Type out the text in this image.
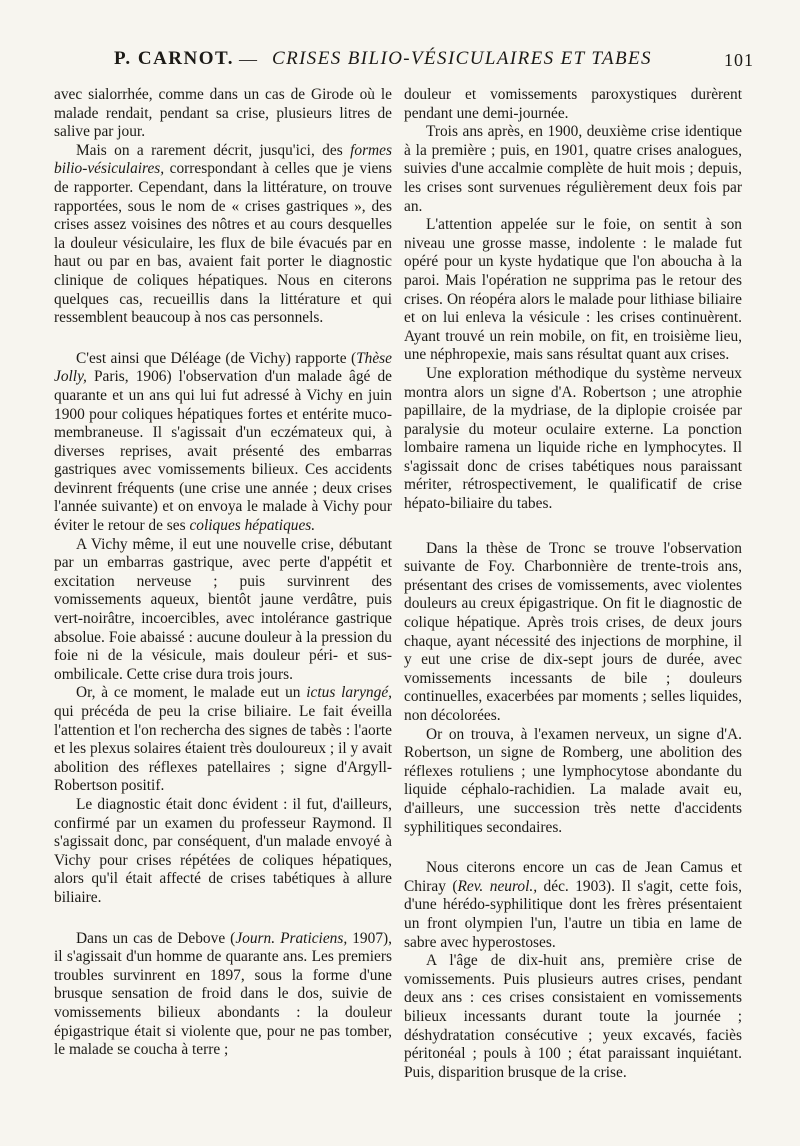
P. CARNOT. — CRISES BILIO-VÉSICULAIRES ET TABES	101

avec sialorrhée, comme dans un cas de Girode où le malade rendait, pendant sa crise, plusieurs litres de salive par jour.

Mais on a rarement décrit, jusqu'ici, des formes bilio-vésiculaires, correspondant à celles que je viens de rapporter. Cependant, dans la littérature, on trouve rapportées, sous le nom de « crises gastriques », des crises assez voisines des nôtres et au cours desquelles la douleur vésiculaire, les flux de bile évacués par en haut ou par en bas, avaient fait porter le diagnostic clinique de coliques hépatiques. Nous en citerons quelques cas, recueillis dans la littérature et qui ressemblent beaucoup à nos cas personnels.

C'est ainsi que Déléage (de Vichy) rapporte (Thèse Jolly, Paris, 1906) l'observation d'un malade âgé de quarante et un ans qui lui fut adressé à Vichy en juin 1900 pour coliques hépatiques fortes et entérite muco-membraneuse. Il s'agissait d'un eczémateux qui, à diverses reprises, avait présenté des embarras gastriques avec vomissements bilieux. Ces accidents devinrent fréquents (une crise une année ; deux crises l'année suivante) et on envoya le malade à Vichy pour éviter le retour de ses coliques hépatiques.

A Vichy même, il eut une nouvelle crise, débutant par un embarras gastrique, avec perte d'appétit et excitation nerveuse ; puis survinrent des vomissements aqueux, bientôt jaune verdâtre, puis vert-noirâtre, incoercibles, avec intolérance gastrique absolue. Foie abaissé : aucune douleur à la pression du foie ni de la vésicule, mais douleur péri- et sus-ombilicale. Cette crise dura trois jours.

Or, à ce moment, le malade eut un ictus laryngé, qui précéda de peu la crise biliaire. Le fait éveilla l'attention et l'on rechercha des signes de tabès : l'aorte et les plexus solaires étaient très douloureux ; il y avait abolition des réflexes patellaires ; signe d'Argyll-Robertson positif.

Le diagnostic était donc évident : il fut, d'ailleurs, confirmé par un examen du professeur Raymond. Il s'agissait donc, par conséquent, d'un malade envoyé à Vichy pour crises répétées de coliques hépatiques, alors qu'il était affecté de crises tabétiques à allure biliaire.

Dans un cas de Debove (Journ. Praticiens, 1907), il s'agissait d'un homme de quarante ans. Les premiers troubles survinrent en 1897, sous la forme d'une brusque sensation de froid dans le dos, suivie de vomissements bilieux abondants : la douleur épigastrique était si violente que, pour ne pas tomber, le malade se coucha à terre ;

douleur et vomissements paroxystiques durèrent pendant une demi-journée.

Trois ans après, en 1900, deuxième crise identique à la première ; puis, en 1901, quatre crises analogues, suivies d'une accalmie complète de huit mois ; depuis, les crises sont survenues régulièrement deux fois par an.

L'attention appelée sur le foie, on sentit à son niveau une grosse masse, indolente : le malade fut opéré pour un kyste hydatique que l'on aboucha à la paroi. Mais l'opération ne supprima pas le retour des crises. On réopéra alors le malade pour lithiase biliaire et on lui enleva la vésicule : les crises continuèrent. Ayant trouvé un rein mobile, on fit, en troisième lieu, une néphropexie, mais sans résultat quant aux crises.

Une exploration méthodique du système nerveux montra alors un signe d'A. Robertson ; une atrophie papillaire, de la mydriase, de la diplopie croisée par paralysie du moteur oculaire externe. La ponction lombaire ramena un liquide riche en lymphocytes. Il s'agissait donc de crises tabétiques nous paraissant mériter, rétrospectivement, le qualificatif de crise hépato-biliaire du tabes.

Dans la thèse de Tronc se trouve l'observation suivante de Foy. Charbonnière de trente-trois ans, présentant des crises de vomissements, avec violentes douleurs au creux épigastrique. On fit le diagnostic de colique hépatique. Après trois crises, de deux jours chaque, ayant nécessité des injections de morphine, il y eut une crise de dix-sept jours de durée, avec vomissements incessants de bile ; douleurs continuelles, exacerbées par moments ; selles liquides, non décolorées.

Or on trouva, à l'examen nerveux, un signe d'A. Robertson, un signe de Romberg, une abolition des réflexes rotuliens ; une lymphocytose abondante du liquide céphalo-rachidien. La malade avait eu, d'ailleurs, une succession très nette d'accidents syphilitiques secondaires.

Nous citerons encore un cas de Jean Camus et Chiray (Rev. neurol., déc. 1903). Il s'agit, cette fois, d'une hérédo-syphilitique dont les frères présentaient un front olympien l'un, l'autre un tibia en lame de sabre avec hyperostoses.

A l'âge de dix-huit ans, première crise de vomissements. Puis plusieurs autres crises, pendant deux ans : ces crises consistaient en vomissements bilieux incessants durant toute la journée ; déshydratation consécutive ; yeux excavés, faciès péritonéal ; pouls à 100 ; état paraissant inquiétant. Puis, disparition brusque de la crise.
